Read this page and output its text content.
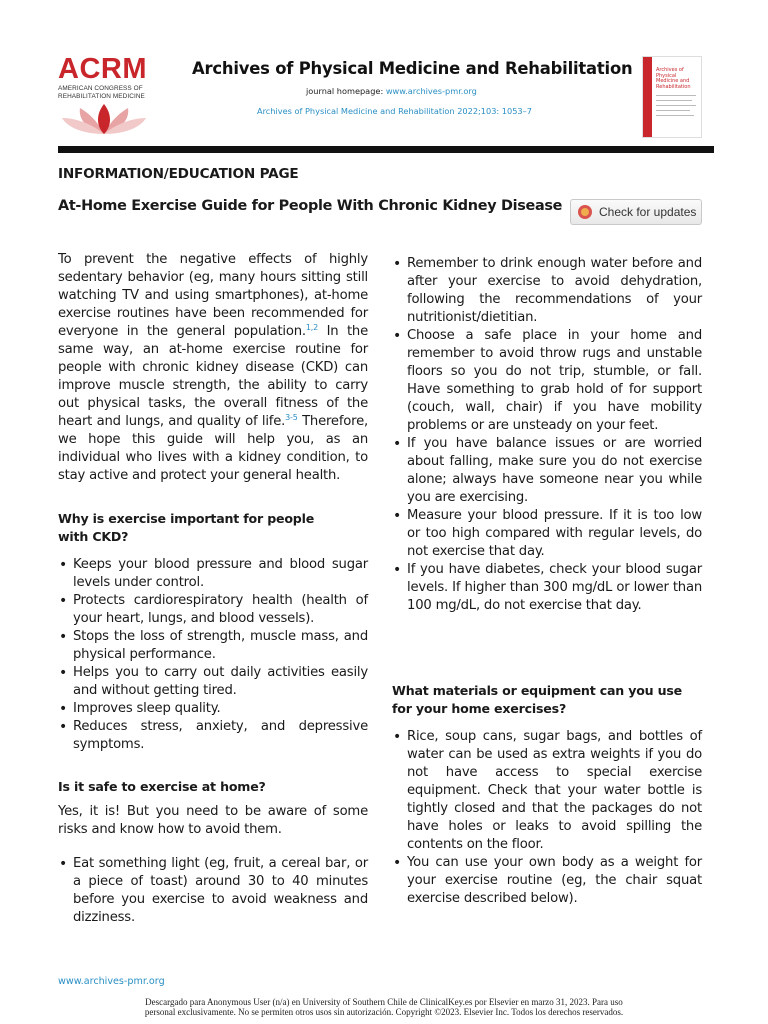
ACRM
AMERICAN CONGRESS OF
REHABILITATION MEDICINE
Archives of Physical Medicine and Rehabilitation
journal homepage: www.archives-pmr.org
Archives of Physical Medicine and Rehabilitation 2022;103: 1053–7
Archives of Physical Medicine and Rehabilitation
INFORMATION/EDUCATION PAGE
At-Home Exercise Guide for People With Chronic Kidney Disease	Check for updates
To prevent the negative effects of highly sedentary behavior (eg, many hours sitting still watching TV and using smartphones), at-home exercise routines have been recommended for everyone in the general population.$^{1,2}$ In the same way, an at-home exercise routine for people with chronic kidney disease (CKD) can improve muscle strength, the ability to carry out physical tasks, the overall fitness of the heart and lungs, and quality of life.$^{3-5}$ Therefore, we hope this guide will help you, as an individual who lives with a kidney condition, to stay active and protect your general health.
Why is exercise important for people with CKD?
• Keeps your blood pressure and blood sugar levels under control.
• Protects cardiorespiratory health (health of your heart, lungs, and blood vessels).
• Stops the loss of strength, muscle mass, and physical performance.
• Helps you to carry out daily activities easily and without getting tired.
• Improves sleep quality.
• Reduces stress, anxiety, and depressive symptoms.
Is it safe to exercise at home?
Yes, it is! But you need to be aware of some risks and know how to avoid them.
• Eat something light (eg, fruit, a cereal bar, or a piece of toast) around 30 to 40 minutes before you exercise to avoid weakness and dizziness.
• Remember to drink enough water before and after your exercise to avoid dehydration, following the recommendations of your nutritionist/dietitian.
• Choose a safe place in your home and remember to avoid throw rugs and unstable floors so you do not trip, stumble, or fall. Have something to grab hold of for support (couch, wall, chair) if you have mobility problems or are unsteady on your feet.
• If you have balance issues or are worried about falling, make sure you do not exercise alone; always have someone near you while you are exercising.
• Measure your blood pressure. If it is too low or too high compared with regular levels, do not exercise that day.
• If you have diabetes, check your blood sugar levels. If higher than 300 mg/dL or lower than 100 mg/dL, do not exercise that day.
What materials or equipment can you use for your home exercises?
• Rice, soup cans, sugar bags, and bottles of water can be used as extra weights if you do not have access to special exercise equipment. Check that your water bottle is tightly closed and that the packages do not have holes or leaks to avoid spilling the contents on the floor.
• You can use your own body as a weight for your exercise routine (eg, the chair squat exercise described below).
www.archives-pmr.org
Descargado para Anonymous User (n/a) en University of Southern Chile de ClinicalKey.es por Elsevier en marzo 31, 2023. Para uso
personal exclusivamente. No se permiten otros usos sin autorización. Copyright ©2023. Elsevier Inc. Todos los derechos reservados.
